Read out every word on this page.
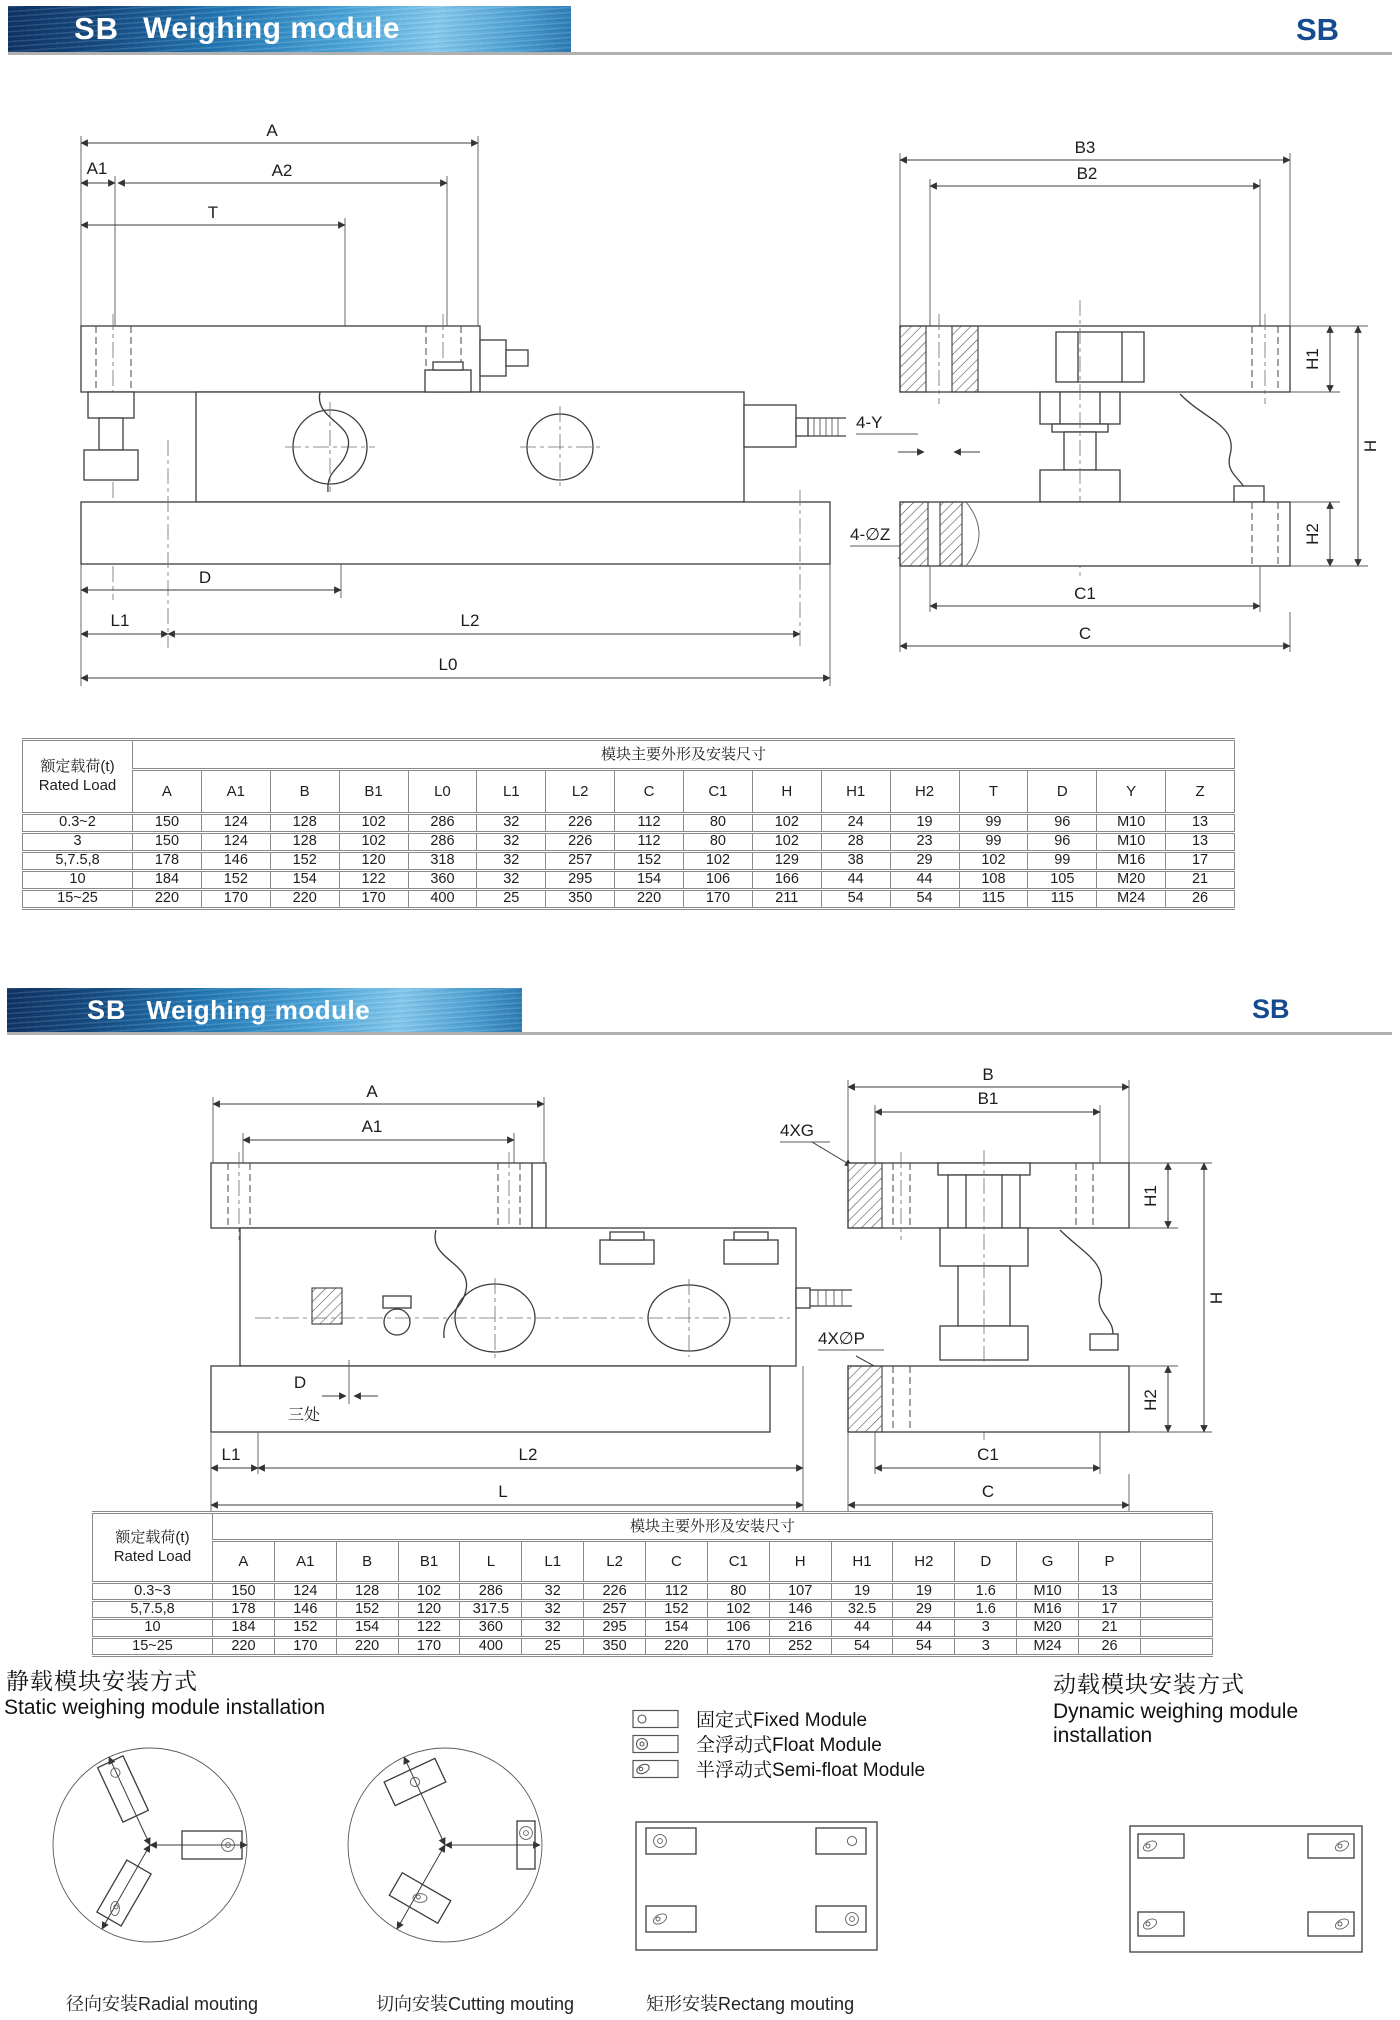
SB Weighing module	SB
SB Weighing module	SB
A
A1	A2
T
D
L1	L2
L0
B3
B2
4-Y
4-∅Z
H1
H2
H
C1
C
A
A1
D
三处
L1	L2
L
B
B1
4XG
4X∅P
H1
H2
H
C1
C
额定载荷(t)
Rated Load	模块主要外形及安装尺寸															
	A	A1	B	B1	L0	L1	L2	C	C1	H	H1	H2	T	D	Y	Z
0.3~2	150	124	128	102	286	32	226	112	80	102	24	19	99	96	M10	13
3	150	124	128	102	286	32	226	112	80	102	28	23	99	96	M10	13
5,7.5,8	178	146	152	120	318	32	257	152	102	129	38	29	102	99	M16	17
10	184	152	154	122	360	32	295	154	106	166	44	44	108	105	M20	21
15~25	220	170	220	170	400	25	350	220	170	211	54	54	115	115	M24	26
额定载荷(t)
Rated Load	模块主要外形及安装尺寸															
	A	A1	B	B1	L	L1	L2	C	C1	H	H1	H2	D	G	P	
0.3~3	150	124	128	102	286	32	226	112	80	107	19	19	1.6	M10	13	
5,7.5,8	178	146	152	120	317.5	32	257	152	102	146	32.5	29	1.6	M16	17	
10	184	152	154	122	360	32	295	154	106	216	44	44	3	M20	21	
15~25	220	170	220	170	400	25	350	220	170	252	54	54	3	M24	26	
静载模块安装方式
Static weighing module installation
动载模块安装方式
Dynamic weighing module installation
固定式Fixed Module
全浮动式Float Module
半浮动式Semi-float Module
径向安装Radial mouting	切向安装Cutting mouting	矩形安装Rectang mouting
